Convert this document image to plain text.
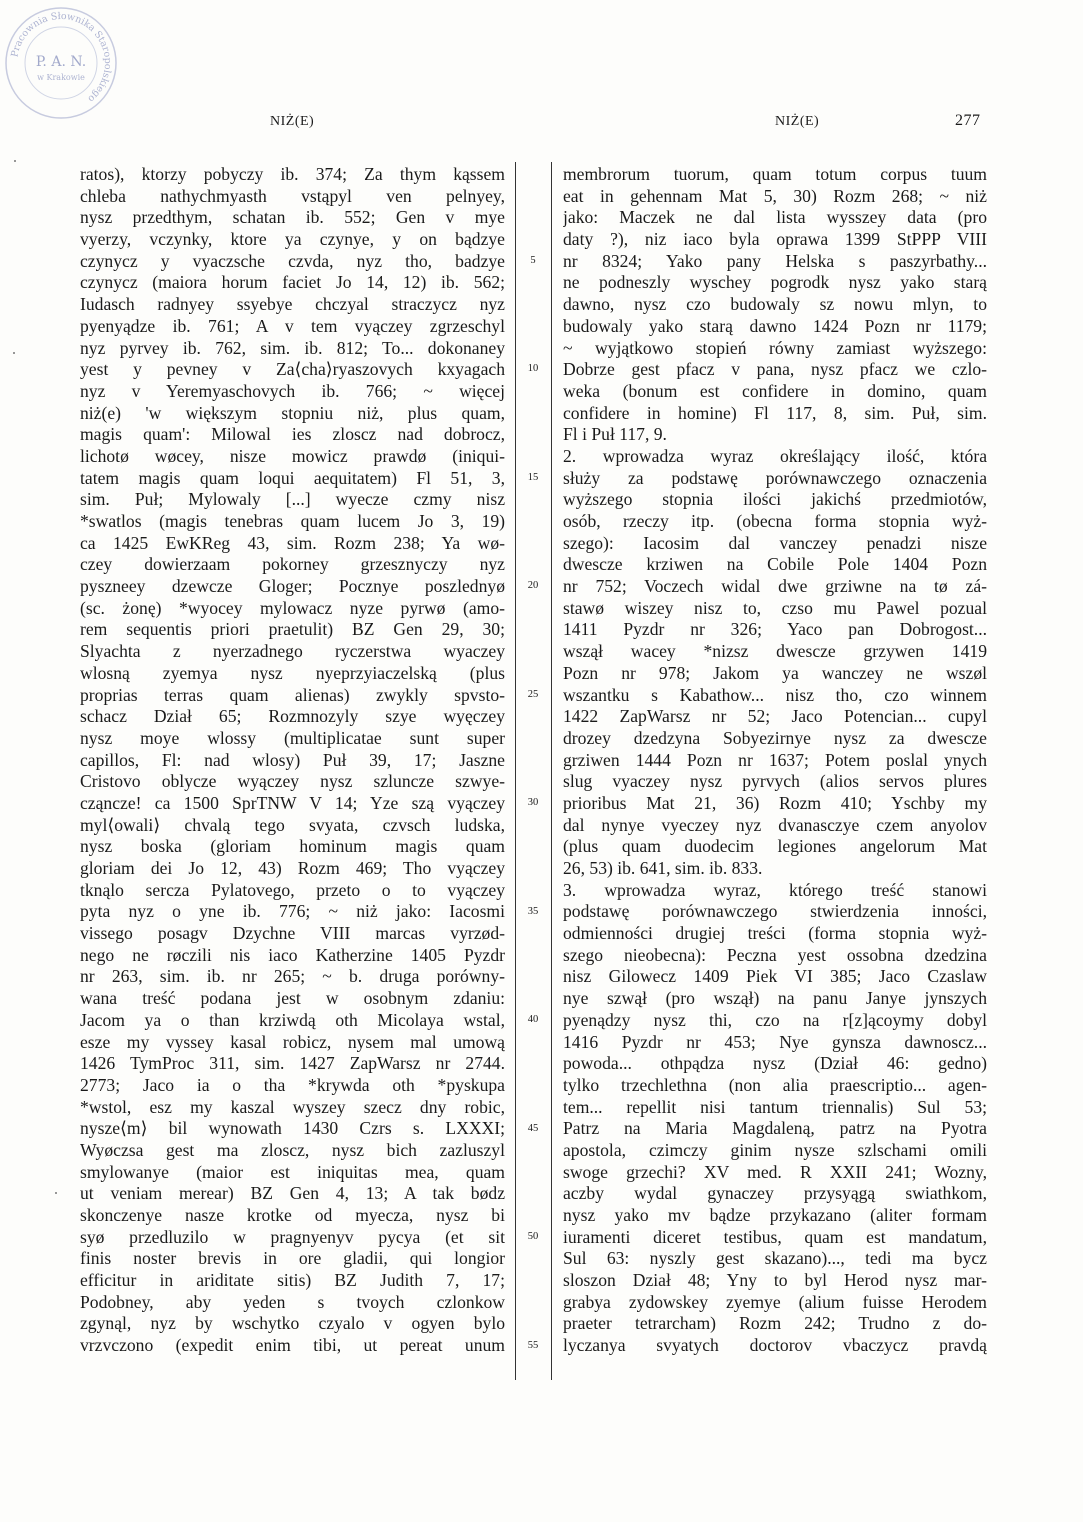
Pracownia Słownika Staropolskiego
P. A. N.
w Krakowie
NIŻ(E)	NIŻ(E)	277
5
10
15
20
25
30
35
40
45
50
55
ratos), ktorzy pobyczy ib. 374; Za thym kąssem
chleba nathychmyasth vstąpyl ven pelnyey,
nysz przedthym, schatan ib. 552; Gen v mye
vyerzy, vczynky, ktore ya czynye, y on bądzye
czynycz y vyaczsche czvda, nyz tho, badzye
czynycz (maiora horum faciet Jo 14, 12) ib. 562;
Iudasch radnyey ssyebye chczyal straczycz nyz
pyenyądze ib. 761; A v tem vyączey zgrzeschyl
nyz pyrvey ib. 762, sim. ib. 812; To... dokonaney
yest y pevney v Za⟨cha⟩ryaszovych kxyagach
nyz v Yeremyaschovych ib. 766; ~ więcej
niż(e) 'w większym stopniu niż, plus quam,
magis quam': Milowal ies zloscz nad dobrocz,
lichotø wøcey, nisze mowicz prawdø (iniqui-
tatem magis quam loqui aequitatem) Fl 51, 3,
sim. Puł; Mylowaly [...] wyecze czmy nisz
*swatlos (magis tenebras quam lucem Jo 3, 19)
ca 1425 EwKReg 43, sim. Rozm 238; Ya wø-
czey dowierzaam pokorney grzesznyczy nyz
pyszneey dzewcze Gloger; Pocznye poszlednyø
(sc. żonę) *wyocey mylowacz nyze pyrwø (amo-
rem sequentis priori praetulit) BZ Gen 29, 30;
Slyachta z nyerzadnego ryczerstwa wyaczey
wlosną zyemya nysz nyeprzyiaczelską (plus
proprias terras quam alienas) zwykly spvsto-
schacz Dział 65; Rozmnozyly szye wyęczey
nysz moye wlossy (multiplicatae sunt super
capillos, Fl: nad wlosy) Puł 39, 17; Jaszne
Cristovo oblycze wyączey nysz szluncze szwye-
cząncze! ca 1500 SprTNW V 14; Yze szą vyączey
myl⟨owali⟩ chvalą tego svyata, czvsch ludska,
nysz boska (gloriam hominum magis quam
gloriam dei Jo 12, 43) Rozm 469; Tho vyączey
tknąlo sercza Pylatovego, przeto o to vyączey
pyta nyz o yne ib. 776; ~ niż jako: Iacosmi
vissego posagv Dzychne VIII marcas vyrzød-
nego ne røczili nis iaco Katherzine 1405 Pyzdr
nr 263, sim. ib. nr 265; ~ b. druga porówny-
wana treść podana jest w osobnym zdaniu:
Jacom ya o than krziwdą oth Micolaya wstal,
esze my vyssey kasal robicz, nysem mal umową
1426 TymProc 311, sim. 1427 ZapWarsz nr 2744.
2773; Jaco ia o tha *krywda oth *pyskupa
*wstol, esz my kaszal wyszey szecz dny robic,
nysze⟨m⟩ bil wynowath 1430 Czrs s. LXXXI;
Wyøczsa gest ma zloscz, nysz bich zazluszyl
smylowanye (maior est iniquitas mea, quam
ut veniam merear) BZ Gen 4, 13; A tak bødz
skonczenye nasze krotke od myecza, nysz bi
syø przedluzilo w pragnyenyv pycya (et sit
finis noster brevis in ore gladii, qui longior
efficitur in ariditate sitis) BZ Judith 7, 17;
Podobney, aby yeden s tvoych czlonkow
zgynąl, nyz by wschytko czyalo v ogyen bylo
vrzvczono (expedit enim tibi, ut pereat unum
membrorum tuorum, quam totum corpus tuum
eat in gehennam Mat 5, 30) Rozm 268; ~ niż
jako: Maczek ne dal lista wysszey data (pro
daty ?), niz iaco byla oprawa 1399 StPPP VIII
nr 8324; Yako pany Helska s paszyrbathy...
ne podneszly wyschey pogrodk nysz yako starą
dawno, nysz czo budowaly sz nowu mlyn, to
budowaly yako starą dawno 1424 Pozn nr 1179;
~ wyjątkowo stopień równy zamiast wyższego:
Dobrze gest pfacz v pana, nysz pfacz we czlo-
weka (bonum est confidere in domino, quam
confidere in homine) Fl 117, 8, sim. Puł, sim.
Fl i Puł 117, 9.
2. wprowadza wyraz określający ilość, która
służy za podstawę porównawczego oznaczenia
wyższego stopnia ilości jakichś przedmiotów,
osób, rzeczy itp. (obecna forma stopnia wyż-
szego): Iacosim dal vanczey penadzi nisze
dwescze krziwen na Cobile Pole 1404 Pozn
nr 752; Voczech widal dwe grziwne na tø zá-
stawø wiszey nisz to, czso mu Pawel pozual
1411 Pyzdr nr 326; Yaco pan Dobrogost...
wszął wacey *nizsz dwescze grzywen 1419
Pozn nr 978; Jakom ya wanczey ne wszøl
wszantku s Kabathow... nisz tho, czo winnem
1422 ZapWarsz nr 52; Jaco Potencian... cupyl
drozey dzedzyna Sobyezirnye nysz za dwescze
grziwen 1444 Pozn nr 1637; Potem poslal ynych
slug vyaczey nysz pyrvych (alios servos plures
prioribus Mat 21, 36) Rozm 410; Yschby my
dal nynye vyeczey nyz dvanasczye czem anyolov
(plus quam duodecim legiones angelorum Mat
26, 53) ib. 641, sim. ib. 833.
3. wprowadza wyraz, którego treść stanowi
podstawę porównawczego stwierdzenia inności,
odmienności drugiej treści (forma stopnia wyż-
szego nieobecna): Peczna yest ossobna dzedzina
nisz Gilowecz 1409 Piek VI 385; Jaco Czaslaw
nye szwął (pro wszął) na panu Janye jynszych
pyenądzy nysz thi, czo na r[z]ącoymy dobyl
1416 Pyzdr nr 453; Nye gynsza dawnoscz...
powoda... othpądza nysz (Dział 46: gedno)
tylko trzechlethna (non alia praescriptio... agen-
tem... repellit nisi tantum triennalis) Sul 53;
Patrz na Maria Magdaleną, patrz na Pyotra
apostola, czimczy ginim nysze szlschami omili
swoge grzechi? XV med. R XXII 241; Wozny,
aczby wydal gynaczey przysyągą swiathkom,
nysz yako mv bądze przykazano (aliter formam
iuramenti diceret testibus, quam est mandatum,
Sul 63: nyszly gest skazano)..., tedi ma bycz
sloszon Dział 48; Yny to byl Herod nysz mar-
grabya zydowskey zyemye (alium fuisse Herodem
praeter tetrarcham) Rozm 242; Trudno z do-
lyczanya svyatych doctorov vbaczycz pravdą
